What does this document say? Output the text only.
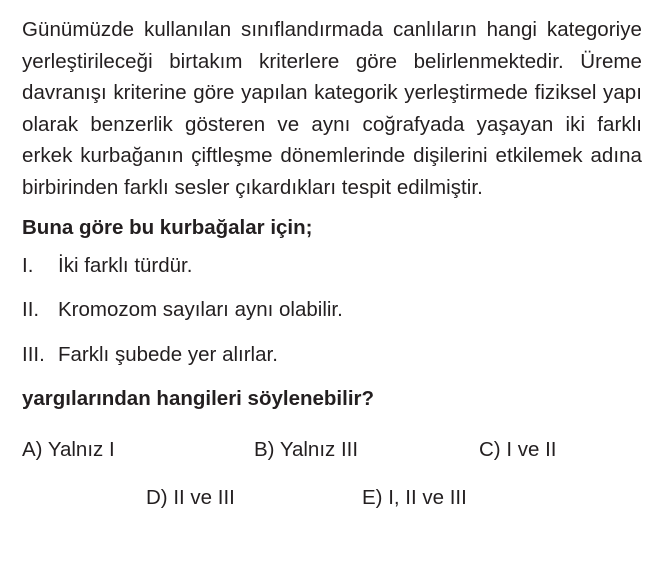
Günümüzde kullanılan sınıflandırmada canlıların hangi kategoriye yerleştirileceği birtakım kriterlere göre belirlenmektedir. Üreme davranışı kriterine göre yapılan kategorik yerleştirmede fiziksel yapı olarak benzerlik gösteren ve aynı coğrafyada yaşayan iki farklı erkek kurbağanın çiftleşme dönemlerinde dişilerini etkilemek adına birbirinden farklı sesler çıkardıkları tespit edilmiştir.

Buna göre bu kurbağalar için;

I.	İki farklı türdür.
II. Kromozom sayıları aynı olabilir.
III. Farklı şubede yer alırlar.

yargılarından hangileri söylenebilir?

A) Yalnız I	B) Yalnız III	C) I ve II
D) II ve III	E) I, II ve III
